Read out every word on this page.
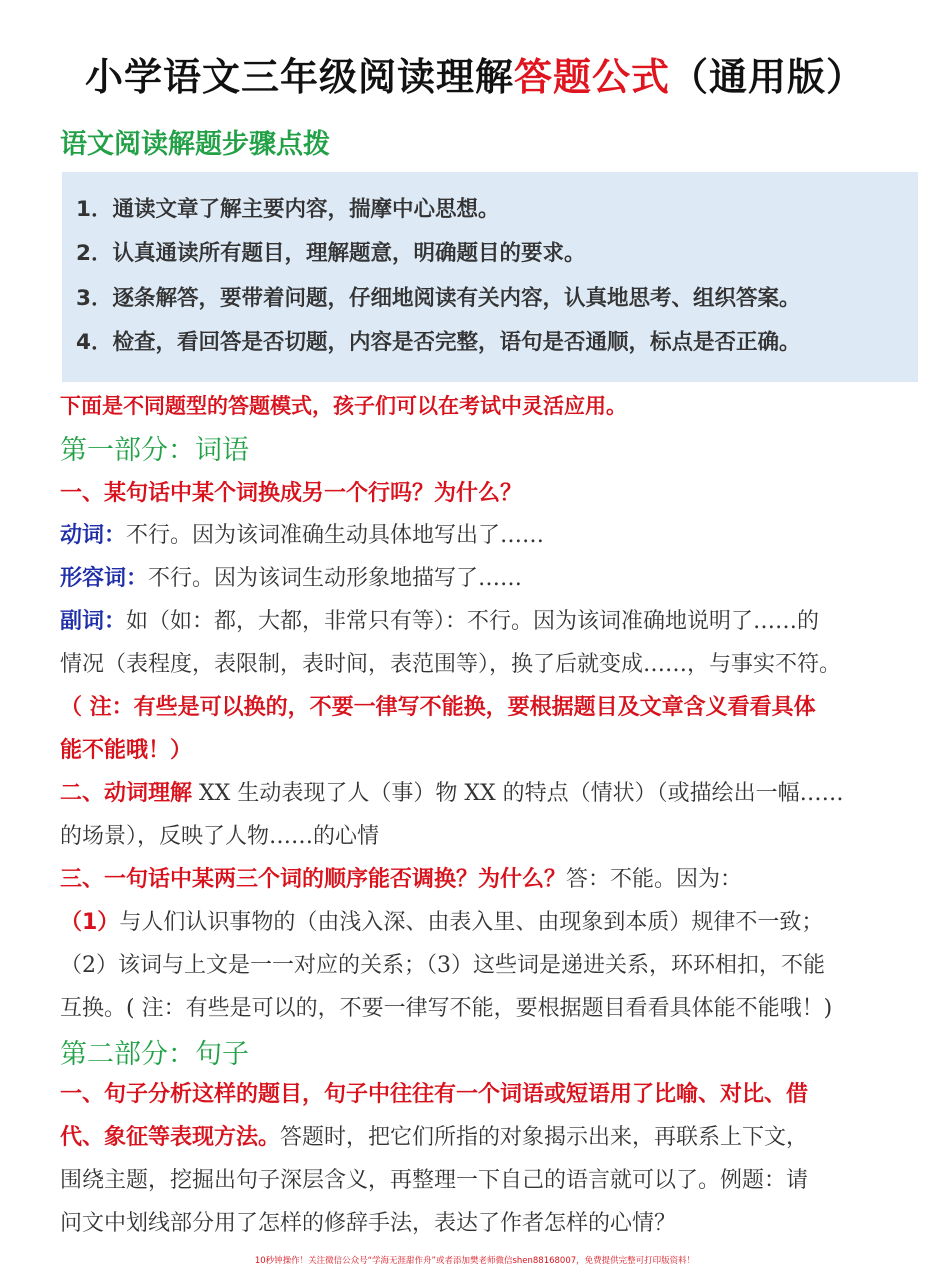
小学语文三年级阅读理解答题公式（通用版）
语文阅读解题步骤点拨
1．通读文章了解主要内容，揣摩中心思想。
2．认真通读所有题目，理解题意，明确题目的要求。
3．逐条解答，要带着问题，仔细地阅读有关内容，认真地思考、组织答案。
4．检查，看回答是否切题，内容是否完整，语句是否通顺，标点是否正确。
下面是不同题型的答题模式，孩子们可以在考试中灵活应用。
第一部分：词语
一、某句话中某个词换成另一个行吗？为什么？
动词：不行。因为该词准确生动具体地写出了……
形容词：不行。因为该词生动形象地描写了……
副词：如（如：都，大都，非常只有等）：不行。因为该词准确地说明了……的
情况（表程度，表限制，表时间，表范围等），换了后就变成……，与事实不符。
（ 注：有些是可以换的，不要一律写不能换，要根据题目及文章含义看看具体
能不能哦！）
二、动词理解 XX 生动表现了人（事）物 XX 的特点（情状）（或描绘出一幅……
的场景），反映了人物……的心情
三、一句话中某两三个词的顺序能否调换？为什么？答：不能。因为：
（1）与人们认识事物的（由浅入深、由表入里、由现象到本质）规律不一致；
（2）该词与上文是一一对应的关系；（3）这些词是递进关系，环环相扣，不能
互换。( 注：有些是可以的，不要一律写不能，要根据题目看看具体能不能哦！)
第二部分：句子
一、句子分析这样的题目，句子中往往有一个词语或短语用了比喻、对比、借
代、象征等表现方法。答题时，把它们所指的对象揭示出来，再联系上下文，
围绕主题，挖掘出句子深层含义，再整理一下自己的语言就可以了。例题：请
问文中划线部分用了怎样的修辞手法，表达了作者怎样的心情？
10秒钟操作！关注微信公众号“学海无涯甜作舟”或者添加樊老师微信shen88168007，免费提供完整可打印版资料！
